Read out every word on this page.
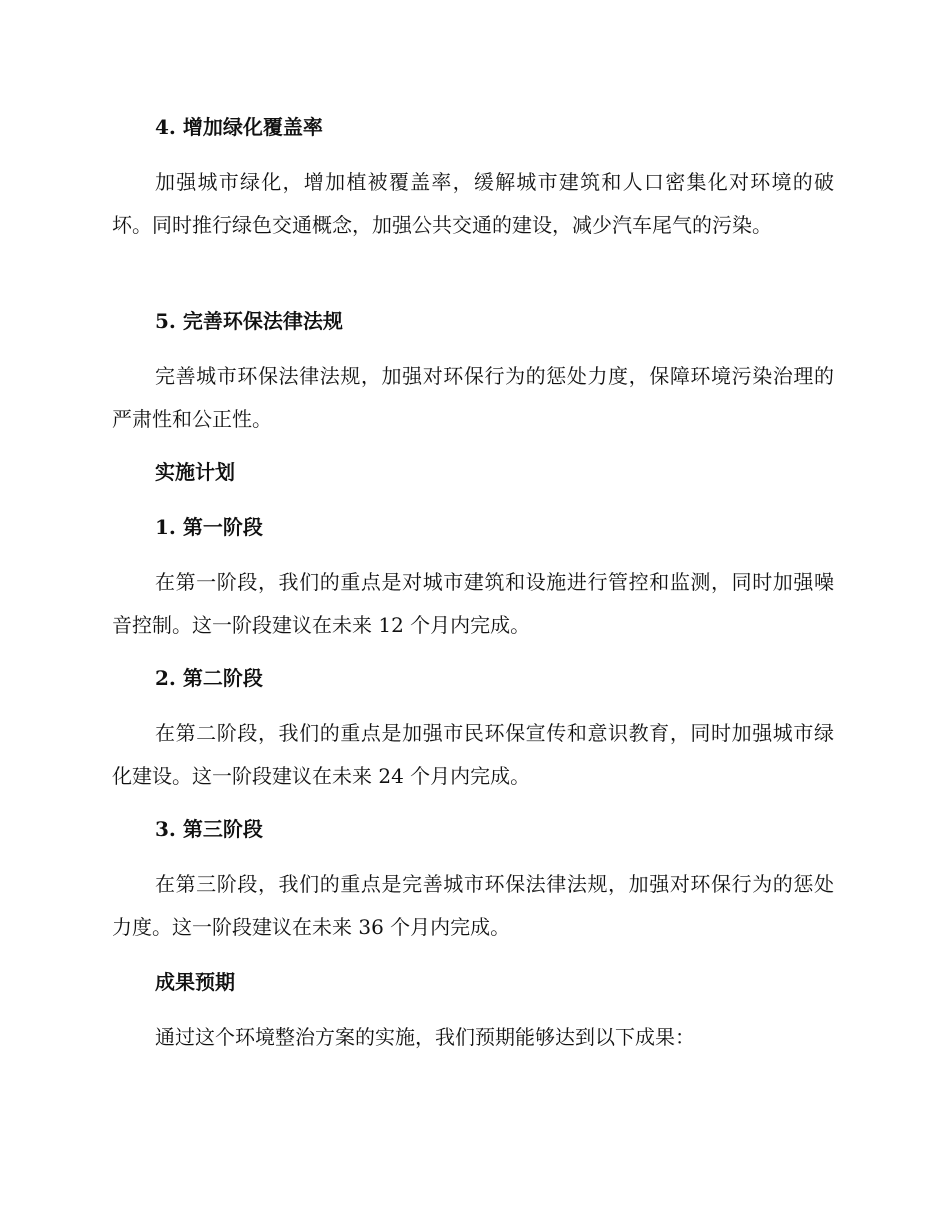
4. 增加绿化覆盖率

加强城市绿化，增加植被覆盖率，缓解城市建筑和人口密集化对环境的破坏。同时推行绿色交通概念，加强公共交通的建设，减少汽车尾气的污染。

5. 完善环保法律法规

完善城市环保法律法规，加强对环保行为的惩处力度，保障环境污染治理的严肃性和公正性。

实施计划

1. 第一阶段

在第一阶段，我们的重点是对城市建筑和设施进行管控和监测，同时加强噪音控制。这一阶段建议在未来 12 个月内完成。

2. 第二阶段

在第二阶段，我们的重点是加强市民环保宣传和意识教育，同时加强城市绿化建设。这一阶段建议在未来 24 个月内完成。

3. 第三阶段

在第三阶段，我们的重点是完善城市环保法律法规，加强对环保行为的惩处力度。这一阶段建议在未来 36 个月内完成。

成果预期

通过这个环境整治方案的实施，我们预期能够达到以下成果：
